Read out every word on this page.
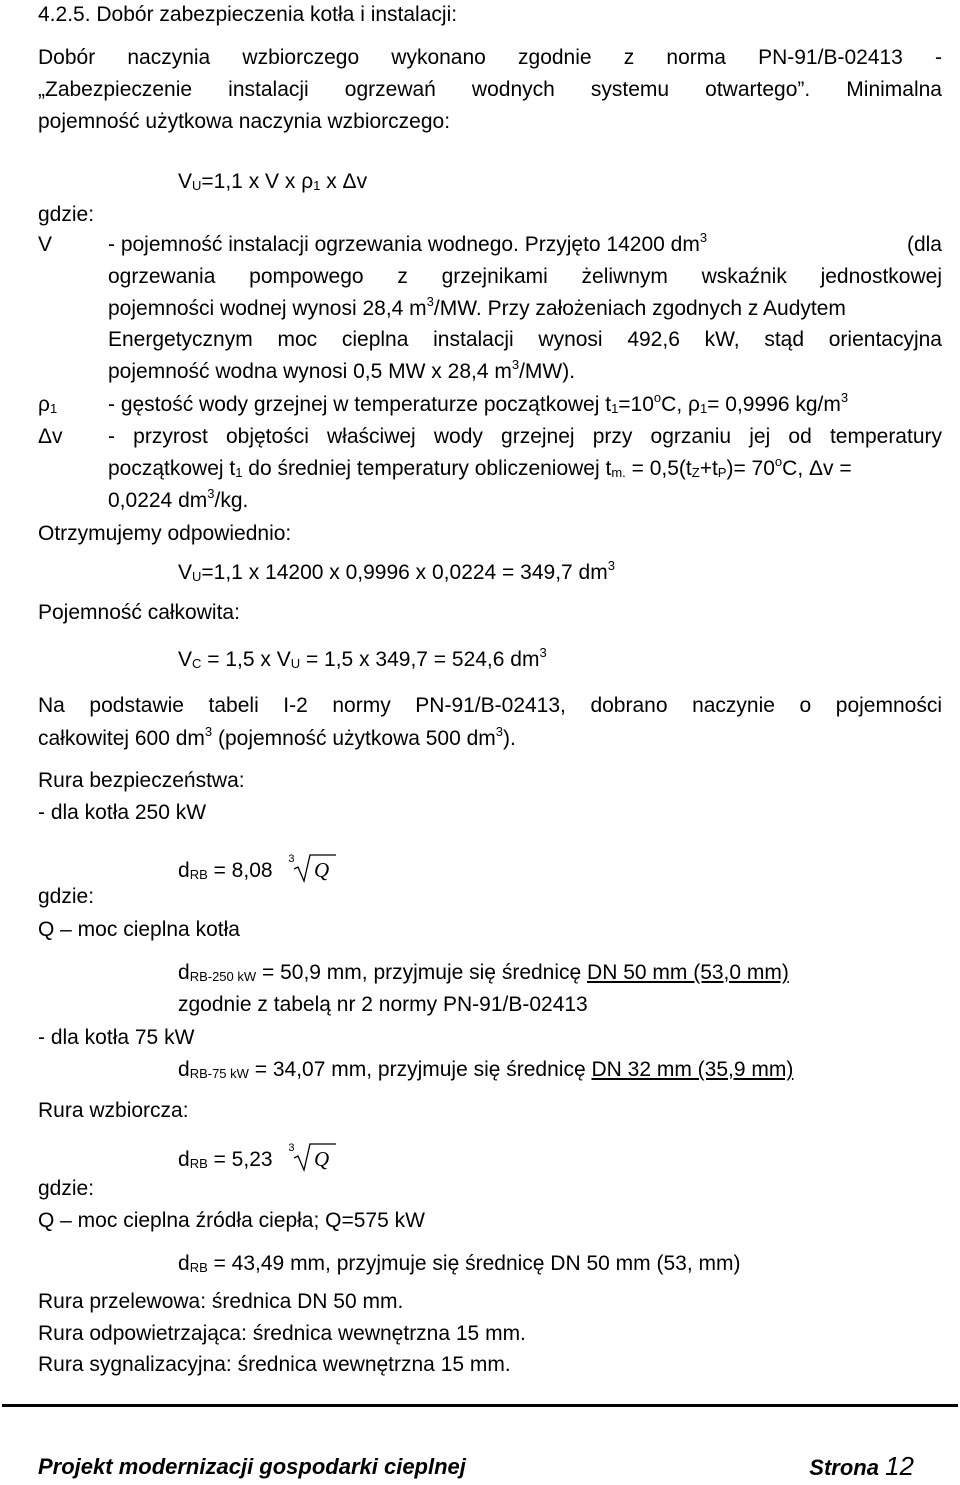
4.2.5. Dobór zabezpieczenia kotła i instalacji:
Dobór naczynia wzbiorczego wykonano zgodnie z norma PN-91/B-02413 -
„Zabezpieczenie instalacji ogrzewań wodnych systemu otwartego”. Minimalna
pojemność użytkowa naczynia wzbiorczego:
$V_U=1,1$ x V x $\rho_1$ x Δv
gdzie:
V	- pojemność instalacji ogrzewania wodnego. Przyjęto 14200 $dm^3$	(dla
ogrzewania pompowego z grzejnikami żeliwnym wskaźnik jednostkowej
pojemności wodnej wynosi 28,4 $m^3/MW$. Przy założeniach zgodnych z Audytem
Energetycznym moc cieplna instalacji wynosi 492,6 kW, stąd orientacyjna
pojemność wodna wynosi 0,5 MW x 28,4 $m^3/MW$).
$\rho_1$ - gęstość wody grzejnej w temperaturze początkowej $t_1=10^oC$, $\rho_1= 0,9996$ $kg/m^3$
Δv - przyrost objętości właściwej wody grzejnej przy ogrzaniu jej od temperatury
początkowej $t_1$ do średniej temperatury obliczeniowej $t_{m.} = 0,5(t_Z+t_P)= 70^oC$, Δv =
0,0224 $dm^3/kg$.
Otrzymujemy odpowiednio:
$V_U=1,1$ x 14200 x 0,9996 x 0,0224 = 349,7 $dm^3$
Pojemność całkowita:
$V_C = 1,5$ x $V_U = 1,5$ x 349,7 = 524,6 $dm^3$
Na podstawie tabeli I-2 normy PN-91/B-02413, dobrano naczynie o pojemności
całkowitej 600 $dm^3$ (pojemność użytkowa 500 $dm^3$).
Rura bezpieczeństwa:
- dla kotła 250 kW
$d_{RB} = 8,08$ 3 Q
gdzie:
Q – moc cieplna kotła
$d_{RB-250 kW} = 50,9$ mm, przyjmuje się średnicę DN 50 mm (53,0 mm)
zgodnie z tabelą nr 2 normy PN-91/B-02413
- dla kotła 75 kW
$d_{RB-75 kW} = 34,07$ mm, przyjmuje się średnicę DN 32 mm (35,9 mm)
Rura wzbiorcza:
$d_{RB} = 5,23$ 3 Q
gdzie:
Q – moc cieplna źródła ciepła; Q=575 kW
$d_{RB} = 43,49$ mm, przyjmuje się średnicę DN 50 mm (53, mm)
Rura przelewowa: średnica DN 50 mm.
Rura odpowietrzająca: średnica wewnętrzna 15 mm.
Rura sygnalizacyjna: średnica wewnętrzna 15 mm.
Projekt modernizacji gospodarki cieplnej	Strona 12
